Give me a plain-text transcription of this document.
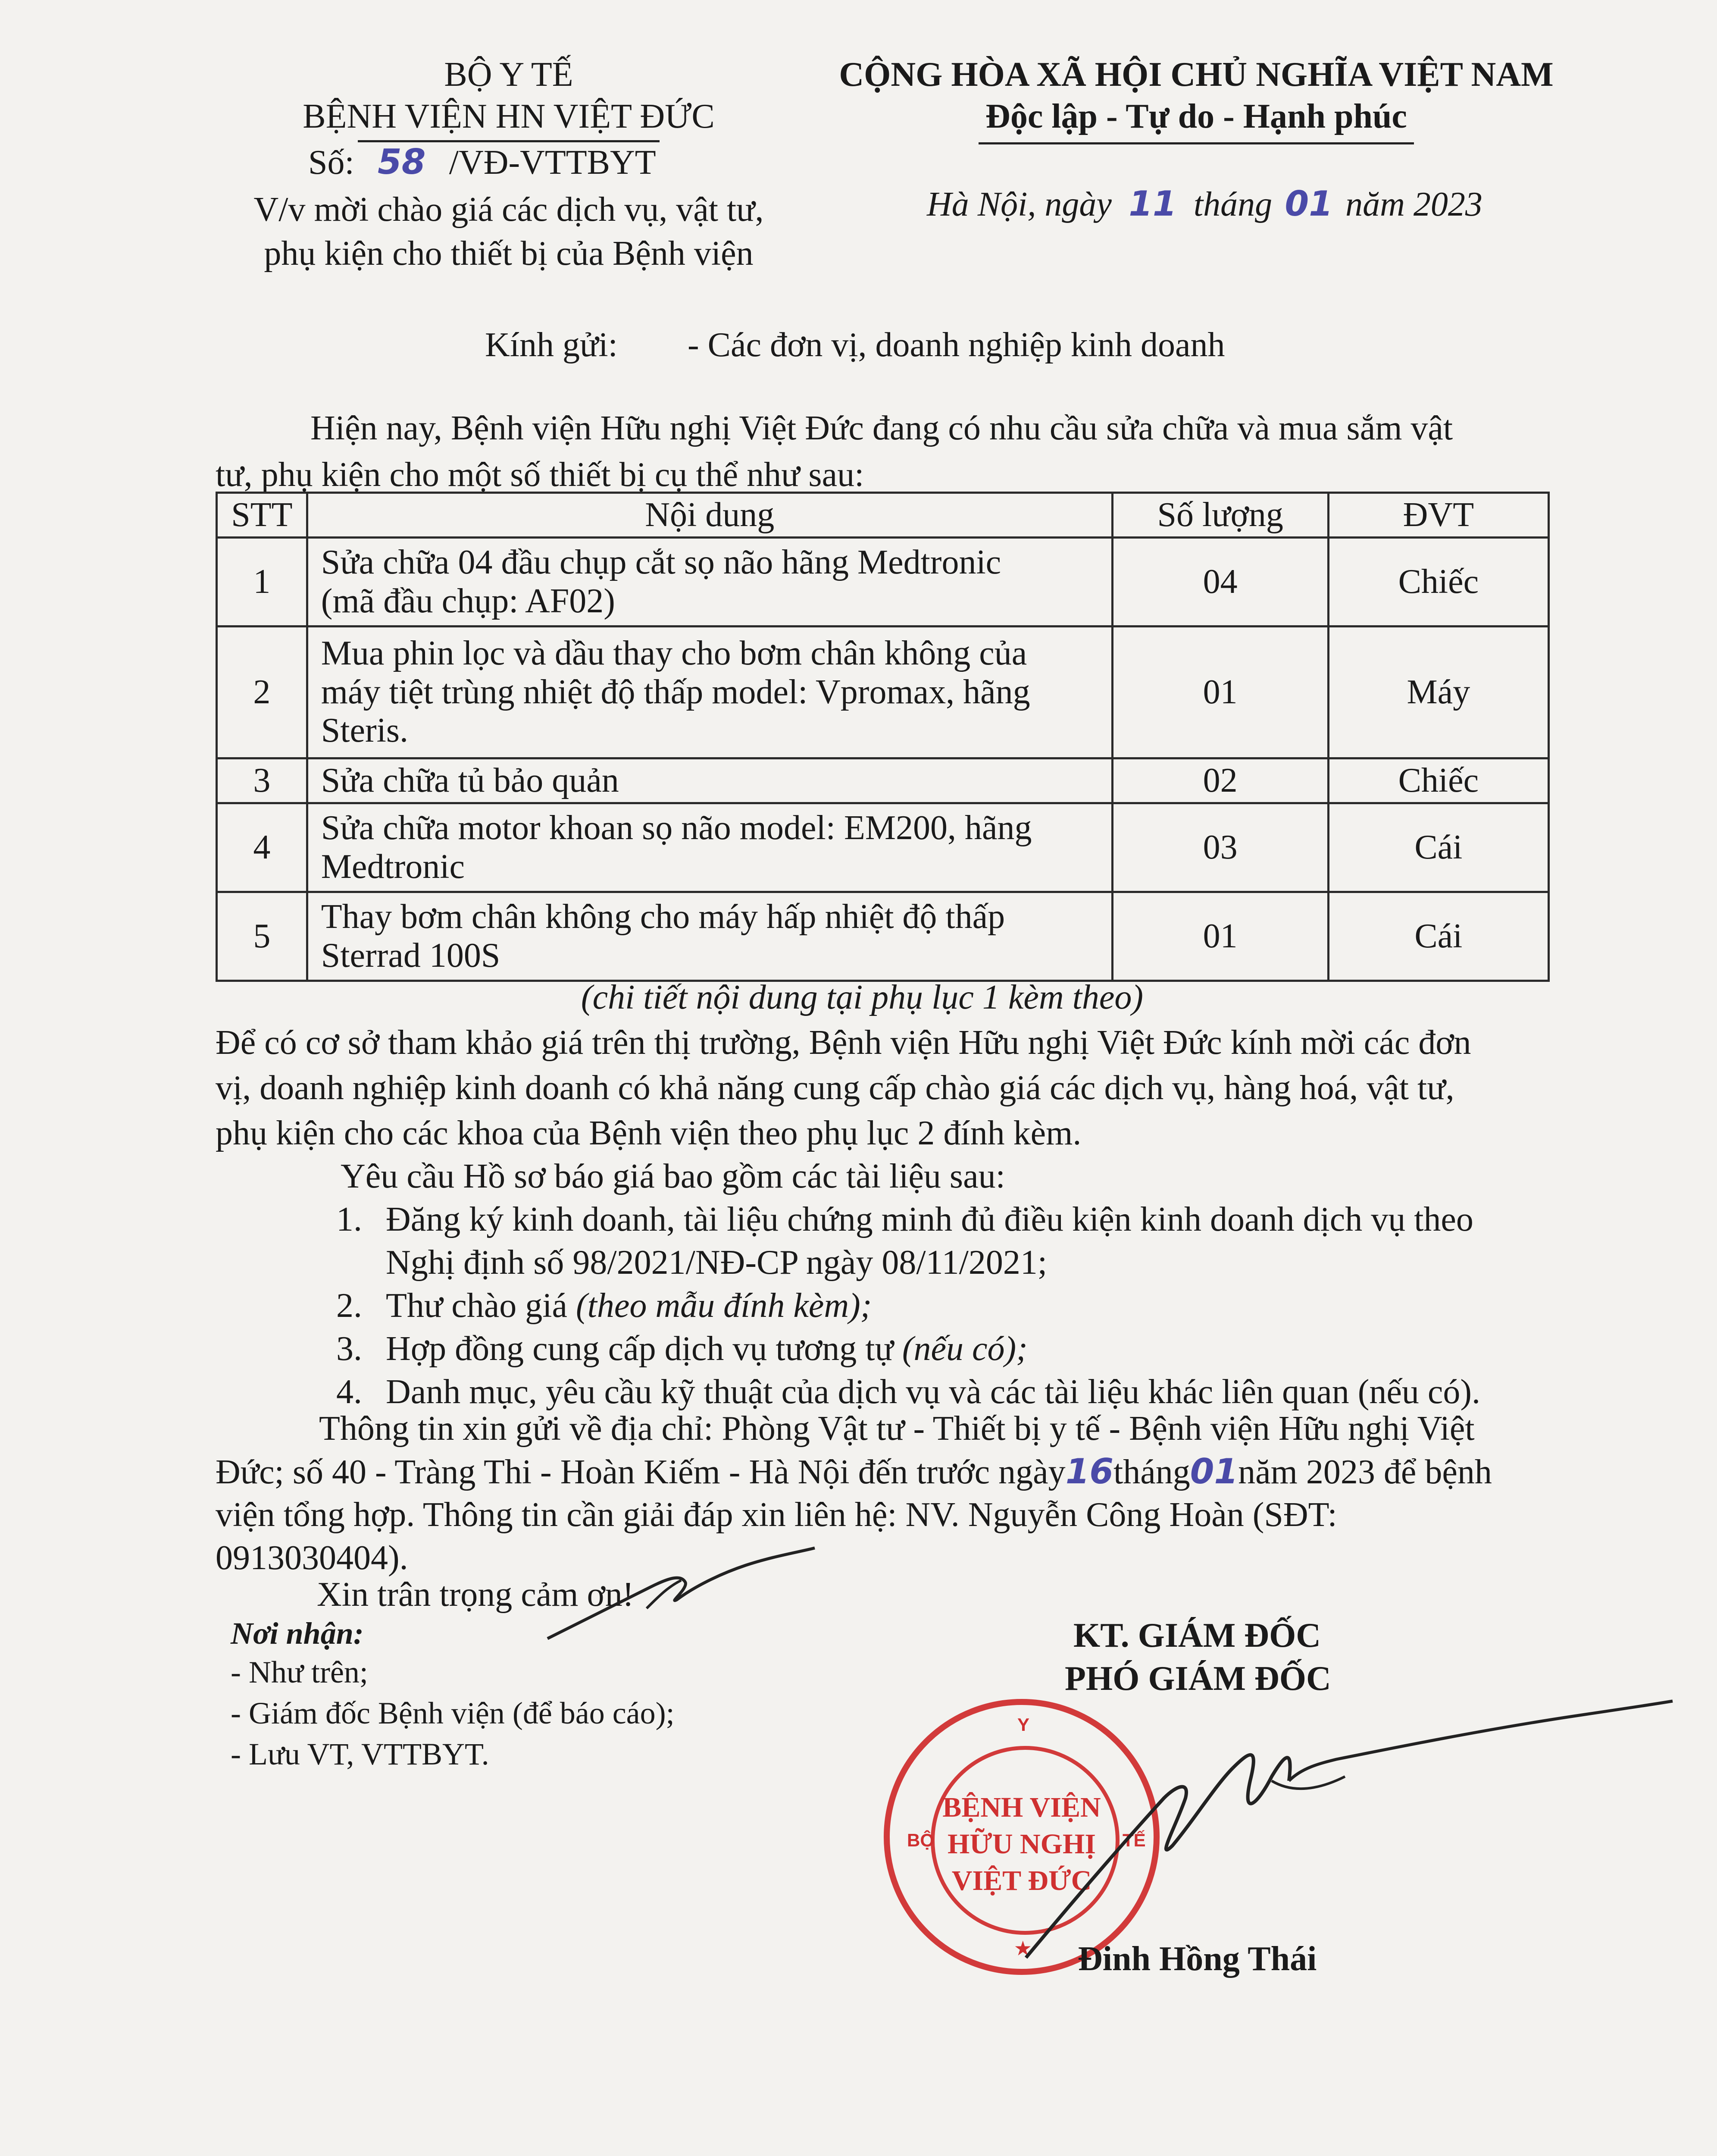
BỘ Y TẾ
BỆNH VIỆN HN VIỆT ĐỨC
Số: 58 /VĐ-VTTBYT
V/v mời chào giá các dịch vụ, vật tư,
phụ kiện cho thiết bị của Bệnh viện
CỘNG HÒA XÃ HỘI CHỦ NGHĨA VIỆT NAM
Độc lập - Tự do - Hạnh phúc
Hà Nội, ngày 11 tháng 01 năm 2023
Kính gửi: - Các đơn vị, doanh nghiệp kinh doanh
Hiện nay, Bệnh viện Hữu nghị Việt Đức đang có nhu cầu sửa chữa và mua sắm vật
tư, phụ kiện cho một số thiết bị cụ thể như sau:
STT	Nội dung	Số lượng	ĐVT
1	Sửa chữa 04 đầu chụp cắt sọ não hãng Medtronic
(mã đầu chụp: AF02)	04	Chiếc
2	Mua phin lọc và dầu thay cho bơm chân không của
máy tiệt trùng nhiệt độ thấp model: Vpromax, hãng
Steris.	01	Máy
3	Sửa chữa tủ bảo quản	02	Chiếc
4	Sửa chữa motor khoan sọ não model: EM200, hãng
Medtronic	03	Cái
5	Thay bơm chân không cho máy hấp nhiệt độ thấp
Sterrad 100S	01	Cái
(chi tiết nội dung tại phụ lục 1 kèm theo)
Để có cơ sở tham khảo giá trên thị trường, Bệnh viện Hữu nghị Việt Đức kính mời các đơn
vị, doanh nghiệp kinh doanh có khả năng cung cấp chào giá các dịch vụ, hàng hoá, vật tư,
phụ kiện cho các khoa của Bệnh viện theo phụ lục 2 đính kèm.
Yêu cầu Hồ sơ báo giá bao gồm các tài liệu sau:
1. Đăng ký kinh doanh, tài liệu chứng minh đủ điều kiện kinh doanh dịch vụ theo
Nghị định số 98/2021/NĐ-CP ngày 08/11/2021;
2. Thư chào giá (theo mẫu đính kèm);
3. Hợp đồng cung cấp dịch vụ tương tự (nếu có);
4. Danh mục, yêu cầu kỹ thuật của dịch vụ và các tài liệu khác liên quan (nếu có).
Thông tin xin gửi về địa chỉ: Phòng Vật tư - Thiết bị y tế - Bệnh viện Hữu nghị Việt
Đức; số 40 - Tràng Thi - Hoàn Kiếm - Hà Nội đến trước ngày16tháng01năm 2023 để bệnh
viện tổng hợp. Thông tin cần giải đáp xin liên hệ: NV. Nguyễn Công Hoàn (SĐT:
0913030404).
Xin trân trọng cảm ơn!
Nơi nhận:
- Như trên;
- Giám đốc Bệnh viện (để báo cáo);
- Lưu VT, VTTBYT.
KT. GIÁM ĐỐC
PHÓ GIÁM ĐỐC
BỆNH VIỆN
HỮU NGHỊ
VIỆT ĐỨC
Y
BỘ	TẾ
★ Đinh Hồng Thái
